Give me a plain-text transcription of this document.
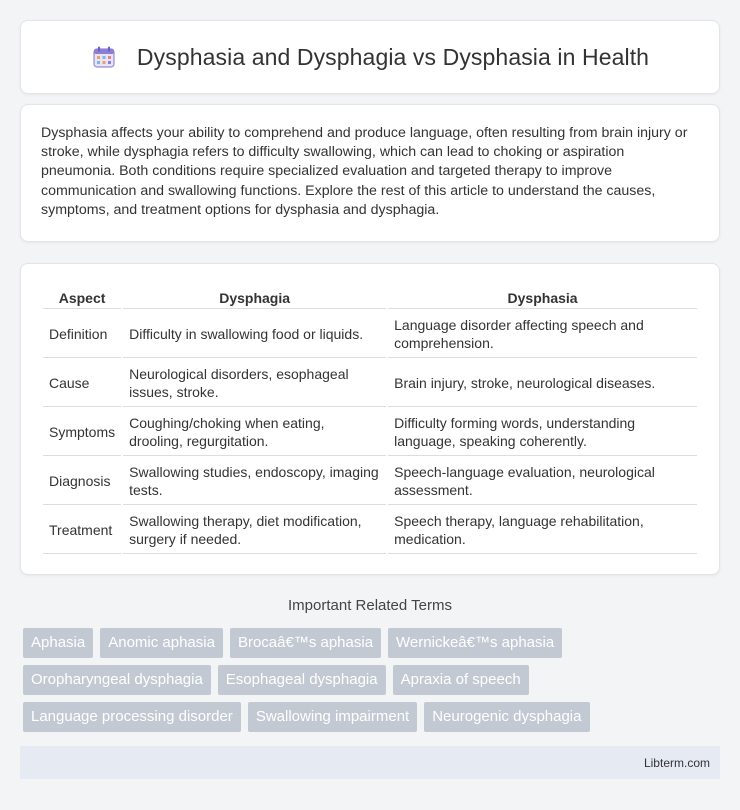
Dysphasia and Dysphagia vs Dysphasia in Health

Dysphasia affects your ability to comprehend and produce language, often resulting from brain injury or stroke, while dysphagia refers to difficulty swallowing, which can lead to choking or aspiration pneumonia. Both conditions require specialized evaluation and targeted therapy to improve communication and swallowing functions. Explore the rest of this article to understand the causes, symptoms, and treatment options for dysphasia and dysphagia.

Aspect	Dysphagia	Dysphasia
Definition	Difficulty in swallowing food or liquids.	Language disorder affecting speech and comprehension.
Cause	Neurological disorders, esophageal issues, stroke.	Brain injury, stroke, neurological diseases.
Symptoms	Coughing/choking when eating, drooling, regurgitation.	Difficulty forming words, understanding language, speaking coherently.
Diagnosis	Swallowing studies, endoscopy, imaging tests.	Speech-language evaluation, neurological assessment.
Treatment	Swallowing therapy, diet modification, surgery if needed.	Speech therapy, language rehabilitation, medication.
Important Related Terms
Aphasia	Anomic aphasia	Brocaâ€™s aphasia	Wernickeâ€™s aphasia
Oropharyngeal dysphagia	Esophageal dysphagia	Apraxia of speech
Language processing disorder	Swallowing impairment	Neurogenic dysphagia
Libterm.com
